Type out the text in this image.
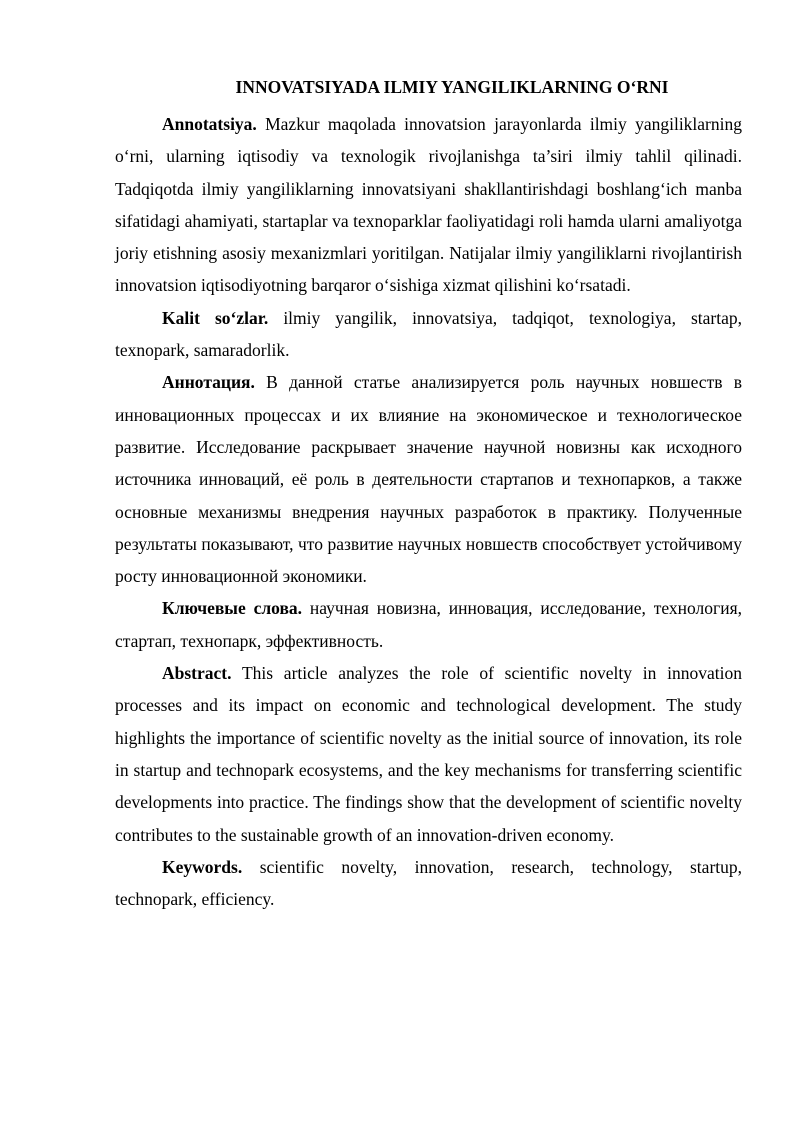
INNOVATSIYADA ILMIY YANGILIKLARNING O‘RNI

Annotatsiya. Mazkur maqolada innovatsion jarayonlarda ilmiy yangiliklarning o‘rni, ularning iqtisodiy va texnologik rivojlanishga ta’siri ilmiy tahlil qilinadi. Tadqiqotda ilmiy yangiliklarning innovatsiyani shakllantirishdagi boshlang‘ich manba sifatidagi ahamiyati, startaplar va texnoparklar faoliyatidagi roli hamda ularni amaliyotga joriy etishning asosiy mexanizmlari yoritilgan. Natijalar ilmiy yangiliklarni rivojlantirish innovatsion iqtisodiyotning barqaror o‘sishiga xizmat qilishini ko‘rsatadi.

Kalit so‘zlar. ilmiy yangilik, innovatsiya, tadqiqot, texnologiya, startap, texnopark, samaradorlik.

Аннотация. В данной статье анализируется роль научных новшеств в инновационных процессах и их влияние на экономическое и технологическое развитие. Исследование раскрывает значение научной новизны как исходного источника инноваций, её роль в деятельности стартапов и технопарков, а также основные механизмы внедрения научных разработок в практику. Полученные результаты показывают, что развитие научных новшеств способствует устойчивому росту инновационной экономики.

Ключевые слова. научная новизна, инновация, исследование, технология, стартап, технопарк, эффективность.

Abstract. This article analyzes the role of scientific novelty in innovation processes and its impact on economic and technological development. The study highlights the importance of scientific novelty as the initial source of innovation, its role in startup and technopark ecosystems, and the key mechanisms for transferring scientific developments into practice. The findings show that the development of scientific novelty contributes to the sustainable growth of an innovation-driven economy.

Keywords. scientific novelty, innovation, research, technology, startup, technopark, efficiency.
